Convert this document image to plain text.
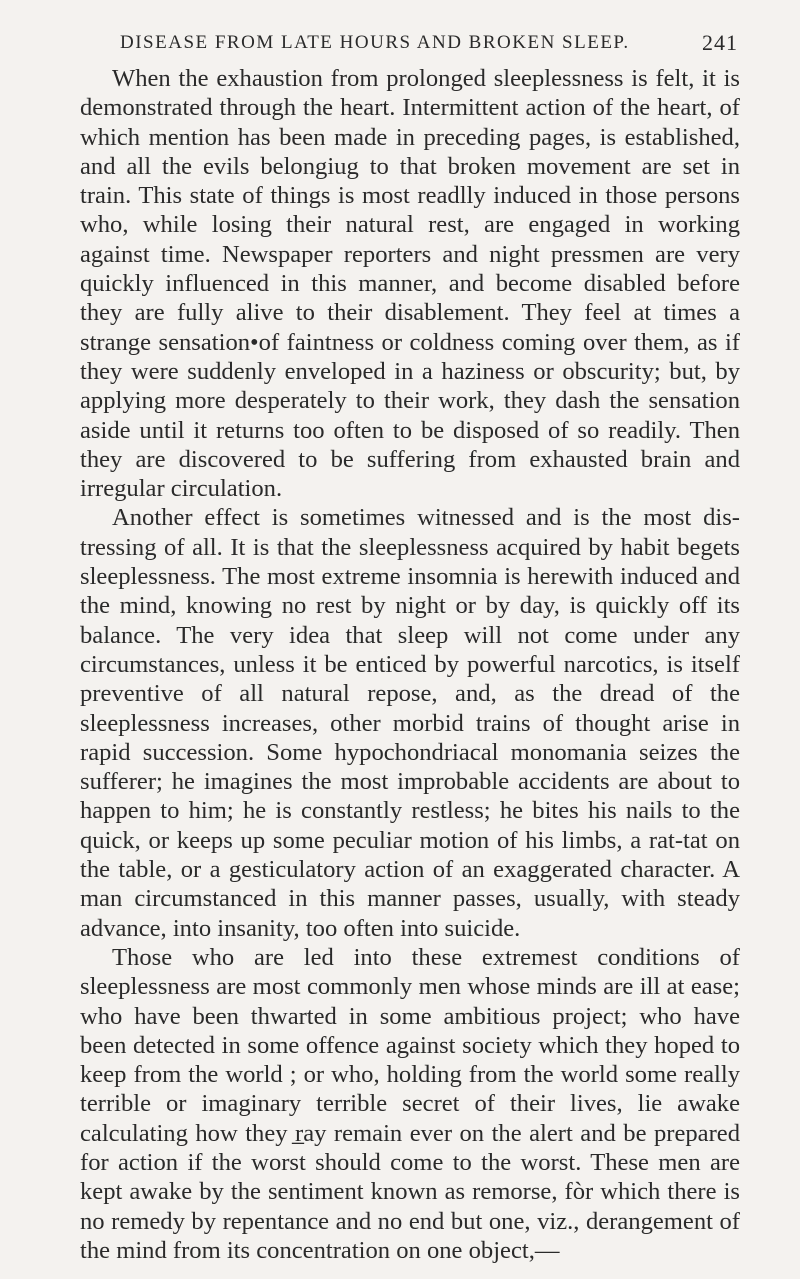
DISEASE FROM LATE HOURS AND BROKEN SLEEP.	241

When the exhaustion from prolonged sleeplessness is felt, it is demonstrated through the heart. Intermittent action of the heart, of which mention has been made in preceding pages, is established, and all the evils belongiug to that broken movement are set in train. This state of things is most readlly induced in those persons who, while losing their natural rest, are engaged in working against time. Newspaper reporters and night pressmen are very quickly influenced in this manner, and become disabled before they are fully alive to their disablement. They feel at times a strange sensation•of faintness or coldness coming over them, as if they were suddenly enveloped in a haziness or obscurity; but, by applying more desperately to their work, they dash the sensation aside until it returns too often to be disposed of so readily. Then they are discovered to be suffering from exhausted brain and irregular circulation.

Another effect is sometimes witnessed and is the most distressing of all. It is that the sleeplessness acquired by habit begets sleeplessness. The most extreme insomnia is herewith induced and the mind, knowing no rest by night or by day, is quickly off its balance. The very idea that sleep will not come under any circumstances, unless it be enticed by powerful narcotics, is itself preventive of all natural repose, and, as the dread of the sleeplessness increases, other morbid trains of thought arise in rapid succession. Some hypochondriacal monomania seizes the sufferer; he imagines the most improbable accidents are about to happen to him; he is constantly restless; he bites his nails to the quick, or keeps up some peculiar motion of his limbs, a rat-tat on the table, or a gesticulatory action of an exaggerated character. A man circumstanced in this manner passes, usually, with steady advance, into insanity, too often into suicide.

Those who are led into these extremest conditions of sleeplessness are most commonly men whose minds are ill at ease; who have been thwarted in some ambitious project; who have been detected in some offence against society which they hoped to keep from the world ; or who, holding from the world some really terrible or imaginary terrible secret of their lives, lie awake calculating how they r̲ay remain ever on the alert and be prepared for action if the worst should come to the worst. These men are kept awake by the sentiment known as remorse, fòr which there is no remedy by repentance and no end but one, viz., derangement of the mind from its concentration on one object,—
